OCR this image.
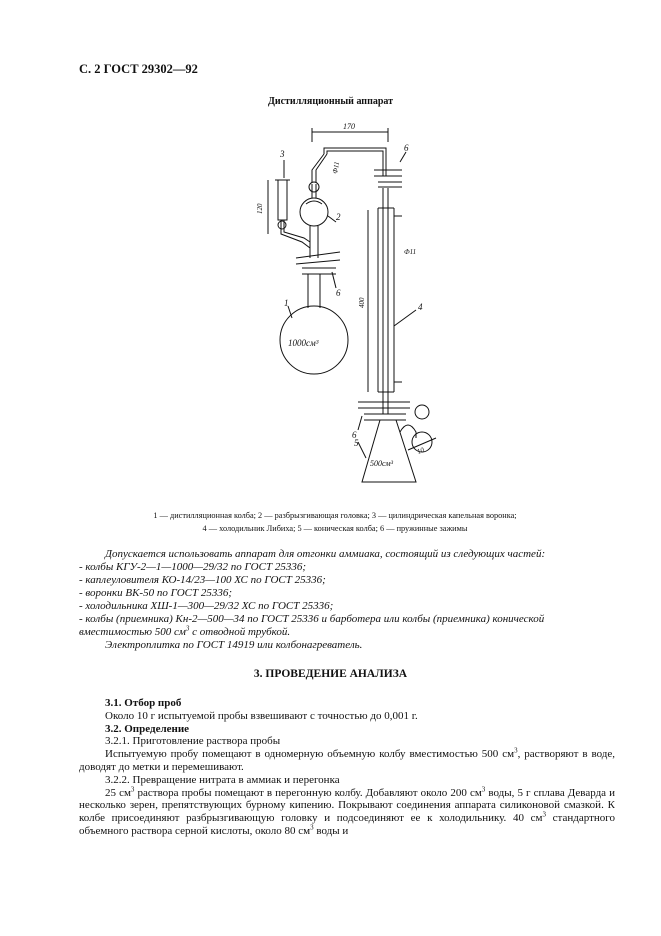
С. 2 ГОСТ 29302—92
Дистилляционный аппарат
170
Ф11
2
3
120
6
1
1000см³
6
400
Ф11
4
6
5
500см³
10
1 — дистилляционная колба; 2 — разбрызгивающая головка; 3 — цилиндрическая капельная воронка;
4 — холодильник Либиха; 5 — коническая колба; 6 — пружинные зажимы

Допускается использовать аппарат для отгонки аммиака, состоящий из следующих частей:

- колбы КГУ-2—1—1000—29/32 по ГОСТ 25336;

- каплеуловителя КО-14/23—100 ХС по ГОСТ 25336;

- воронки ВК-50 по ГОСТ 25336;

- холодильника ХШ-1—300—29/32 ХС по ГОСТ 25336;

- колбы (приемника) Кн-2—500—34 по ГОСТ 25336 и барботера или колбы (приемника) конической вместимостью 500 $см^3$ с отводной трубкой.

Электроплитка по ГОСТ 14919 или колбонагреватель.

3. ПРОВЕДЕНИЕ АНАЛИЗА

3.1. Отбор проб

Около 10 г испытуемой пробы взвешивают с точностью до 0,001 г.

3.2. Определение

3.2.1. Приготовление раствора пробы

Испытуемую пробу помещают в одномерную объемную колбу вместимостью 500 $см^3$, растворяют в воде, доводят до метки и перемешивают.

3.2.2. Превращение нитрата в аммиак и перегонка

25 $см^3$ раствора пробы помещают в перегонную колбу. Добавляют около 200 $см^3$ воды, 5 г сплава Деварда и несколько зерен, препятствующих бурному кипению. Покрывают соединения аппарата силиконовой смазкой. К колбе присоединяют разбрызгивающую головку и подсоединяют ее к холодильнику. 40 $см^3$ стандартного объемного раствора серной кислоты, около 80 $см^3$ воды и
